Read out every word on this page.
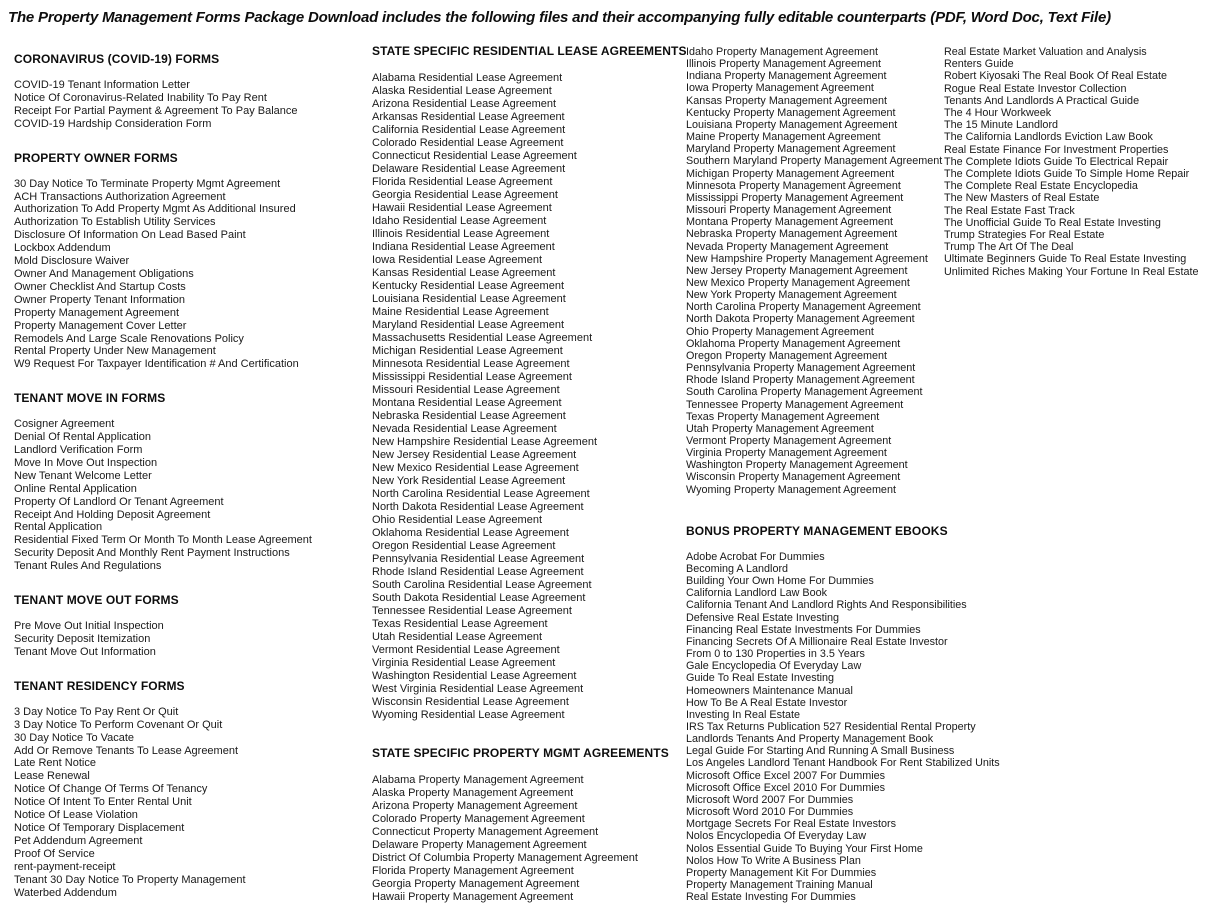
The Property Management Forms Package Download includes the following files and their accompanying fully editable counterparts (PDF, Word Doc, Text File)
CORONAVIRUS (COVID-19) FORMS
COVID-19 Tenant Information Letter
Notice Of Coronavirus-Related Inability To Pay Rent
Receipt For Partial Payment & Agreement To Pay Balance
COVID-19 Hardship Consideration Form
PROPERTY OWNER FORMS
30 Day Notice To Terminate Property Mgmt Agreement
ACH Transactions Authorization Agreement
Authorization To Add Property Mgmt As Additional Insured
Authorization To Establish Utility Services
Disclosure Of Information On Lead Based Paint
Lockbox Addendum
Mold Disclosure Waiver
Owner And Management Obligations
Owner Checklist And Startup Costs
Owner Property Tenant Information
Property Management Agreement
Property Management Cover Letter
Remodels And Large Scale Renovations Policy
Rental Property Under New Management
W9 Request For Taxpayer Identification # And Certification
TENANT MOVE IN FORMS
Cosigner Agreement
Denial Of Rental Application
Landlord Verification Form
Move In Move Out Inspection
New Tenant Welcome Letter
Online Rental Application
Property Of Landlord Or Tenant Agreement
Receipt And Holding Deposit Agreement
Rental Application
Residential Fixed Term Or Month To Month Lease Agreement
Security Deposit And Monthly Rent Payment Instructions
Tenant Rules And Regulations
TENANT MOVE OUT FORMS
Pre Move Out Initial Inspection
Security Deposit Itemization
Tenant Move Out Information
TENANT RESIDENCY FORMS
3 Day Notice To Pay Rent Or Quit
3 Day Notice To Perform Covenant Or Quit
30 Day Notice To Vacate
Add Or Remove Tenants To Lease Agreement
Late Rent Notice
Lease Renewal
Notice Of Change Of Terms Of Tenancy
Notice Of Intent To Enter Rental Unit
Notice Of Lease Violation
Notice Of Temporary Displacement
Pet Addendum Agreement
Proof Of Service
rent-payment-receipt
Tenant 30 Day Notice To Property Management
Waterbed Addendum
STATE SPECIFIC RESIDENTIAL LEASE AGREEMENTS
Alabama Residential Lease Agreement
Alaska Residential Lease Agreement
Arizona Residential Lease Agreement
Arkansas Residential Lease Agreement
California Residential Lease Agreement
Colorado Residential Lease Agreement
Connecticut Residential Lease Agreement
Delaware Residential Lease Agreement
Florida Residential Lease Agreement
Georgia Residential Lease Agreement
Hawaii Residential Lease Agreement
Idaho Residential Lease Agreement
Illinois Residential Lease Agreement
Indiana Residential Lease Agreement
Iowa Residential Lease Agreement
Kansas Residential Lease Agreement
Kentucky Residential Lease Agreement
Louisiana Residential Lease Agreement
Maine Residential Lease Agreement
Maryland Residential Lease Agreement
Massachusetts Residential Lease Agreement
Michigan Residential Lease Agreement
Minnesota Residential Lease Agreement
Mississippi Residential Lease Agreement
Missouri Residential Lease Agreement
Montana Residential Lease Agreement
Nebraska Residential Lease Agreement
Nevada Residential Lease Agreement
New Hampshire Residential Lease Agreement
New Jersey Residential Lease Agreement
New Mexico Residential Lease Agreement
New York Residential Lease Agreement
North Carolina Residential Lease Agreement
North Dakota Residential Lease Agreement
Ohio Residential Lease Agreement
Oklahoma Residential Lease Agreement
Oregon Residential Lease Agreement
Pennsylvania Residential Lease Agreement
Rhode Island Residential Lease Agreement
South Carolina Residential Lease Agreement
South Dakota Residential Lease Agreement
Tennessee Residential Lease Agreement
Texas Residential Lease Agreement
Utah Residential Lease Agreement
Vermont Residential Lease Agreement
Virginia Residential Lease Agreement
Washington Residential Lease Agreement
West Virginia Residential Lease Agreement
Wisconsin Residential Lease Agreement
Wyoming Residential Lease Agreement
STATE SPECIFIC PROPERTY MGMT AGREEMENTS
Alabama Property Management Agreement
Alaska Property Management Agreement
Arizona Property Management Agreement
Colorado Property Management Agreement
Connecticut Property Management Agreement
Delaware Property Management Agreement
District Of Columbia Property Management Agreement
Florida Property Management Agreement
Georgia Property Management Agreement
Hawaii Property Management Agreement
Idaho Property Management Agreement
Illinois Property Management Agreement
Indiana Property Management Agreement
Iowa Property Management Agreement
Kansas Property Management Agreement
Kentucky Property Management Agreement
Louisiana Property Management Agreement
Maine Property Management Agreement
Maryland Property Management Agreement
Southern Maryland Property Management Agreement
Michigan Property Management Agreement
Minnesota Property Management Agreement
Mississippi Property Management Agreement
Missouri Property Management Agreement
Montana Property Management Agreement
Nebraska Property Management Agreement
Nevada Property Management Agreement
New Hampshire Property Management Agreement
New Jersey Property Management Agreement
New Mexico Property Management Agreement
New York Property Management Agreement
North Carolina Property Management Agreement
North Dakota Property Management Agreement
Ohio Property Management Agreement
Oklahoma Property Management Agreement
Oregon Property Management Agreement
Pennsylvania Property Management Agreement
Rhode Island Property Management Agreement
South Carolina Property Management Agreement
Tennessee Property Management Agreement
Texas Property Management Agreement
Utah Property Management Agreement
Vermont Property Management Agreement
Virginia Property Management Agreement
Washington Property Management Agreement
Wisconsin Property Management Agreement
Wyoming Property Management Agreement
BONUS PROPERTY MANAGEMENT EBOOKS
Adobe Acrobat For Dummies
Becoming A Landlord
Building Your Own Home For Dummies
California Landlord Law Book
California Tenant And Landlord Rights And Responsibilities
Defensive Real Estate Investing
Financing Real Estate Investments For Dummies
Financing Secrets Of A Millionaire Real Estate Investor
From 0 to 130 Properties in 3.5 Years
Gale Encyclopedia Of Everyday Law
Guide To Real Estate Investing
Homeowners Maintenance Manual
How To Be A Real Estate Investor
Investing In Real Estate
IRS Tax Returns Publication 527 Residential Rental Property
Landlords Tenants And Property Management Book
Legal Guide For Starting And Running A Small Business
Los Angeles Landlord Tenant Handbook For Rent Stabilized Units
Microsoft Office Excel 2007 For Dummies
Microsoft Office Excel 2010 For Dummies
Microsoft Word 2007 For Dummies
Microsoft Word 2010 For Dummies
Mortgage Secrets For Real Estate Investors
Nolos Encyclopedia Of Everyday Law
Nolos Essential Guide To Buying Your First Home
Nolos How To Write A Business Plan
Property Management Kit For Dummies
Property Management Training Manual
Real Estate Investing For Dummies
Real Estate Market Valuation and Analysis
Renters Guide
Robert Kiyosaki The Real Book Of Real Estate
Rogue Real Estate Investor Collection
Tenants And Landlords A Practical Guide
The 4 Hour Workweek
The 15 Minute Landlord
The California Landlords Eviction Law Book
Real Estate Finance For Investment Properties
The Complete Idiots Guide To Electrical Repair
The Complete Idiots Guide To Simple Home Repair
The Complete Real Estate Encyclopedia
The New Masters of Real Estate
The Real Estate Fast Track
The Unofficial Guide To Real Estate Investing
Trump Strategies For Real Estate
Trump The Art Of The Deal
Ultimate Beginners Guide To Real Estate Investing
Unlimited Riches Making Your Fortune In Real Estate
